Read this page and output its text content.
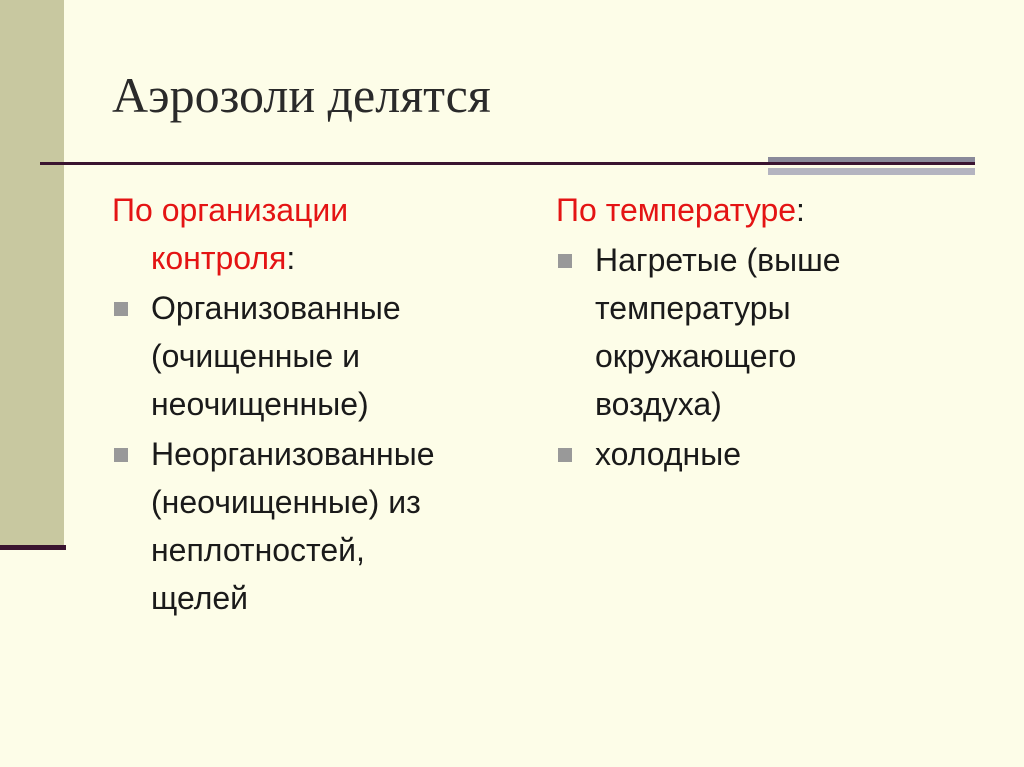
Аэрозоли делятся
По организации
контроля:
Организованные
(очищенные и
неочищенные)
Неорганизованные
(неочищенные) из
неплотностей,
щелей
По температуре:
Нагретые (выше
температуры
окружающего
воздуха)
холодные
